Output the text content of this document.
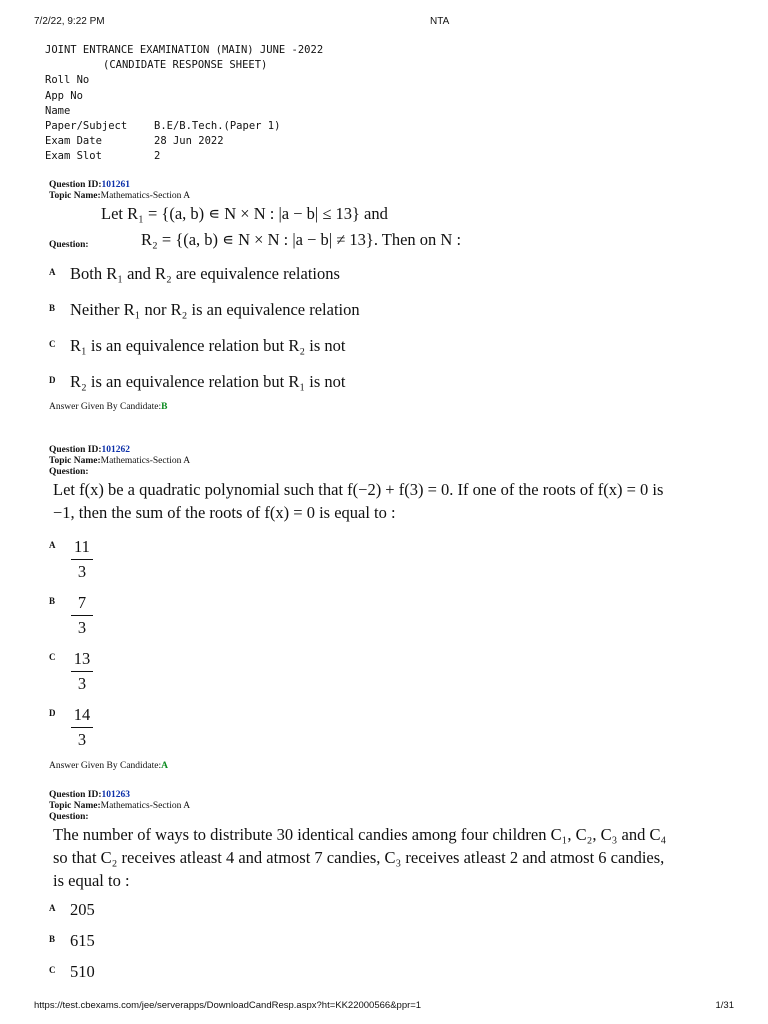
7/2/22, 9:22 PM	NTA
JOINT ENTRANCE EXAMINATION (MAIN) JUNE -2022
(CANDIDATE RESPONSE SHEET)
Roll No
App No
Name
Paper/Subject	B.E/B.Tech.(Paper 1)
Exam Date	28 Jun 2022
Exam Slot	2
Question ID:101261
Topic Name:Mathematics-Section A
Let R₁ = {(a, b) ∊ N × N : |a − b| ≤ 13} and
Question:	R₂ = {(a, b) ∊ N × N : |a − b| ≠ 13}. Then on N :
A Both R₁ and R₂ are equivalence relations
B Neither R₁ nor R₂ is an equivalence relation
C R₁ is an equivalence relation but R₂ is not
D R₂ is an equivalence relation but R₁ is not
Answer Given By Candidate:B
Question ID:101262
Topic Name:Mathematics-Section A
Question:
Let f(x) be a quadratic polynomial such that f(−2) + f(3) = 0. If one of the roots of f(x) = 0 is
−1, then the sum of the roots of f(x) = 0 is equal to :
A 11
3
B 7
3
C 13
3
D 14
3
Answer Given By Candidate:A
Question ID:101263
Topic Name:Mathematics-Section A
Question:
The number of ways to distribute 30 identical candies among four children C₁, C₂, C₃ and C₄
so that C₂ receives atleast 4 and atmost 7 candies, C₃ receives atleast 2 and atmost 6 candies,
is equal to :
A 205
B 615
C 510
https://test.cbexams.com/jee/serverapps/DownloadCandResp.aspx?ht=KK22000566&ppr=1	1/31
